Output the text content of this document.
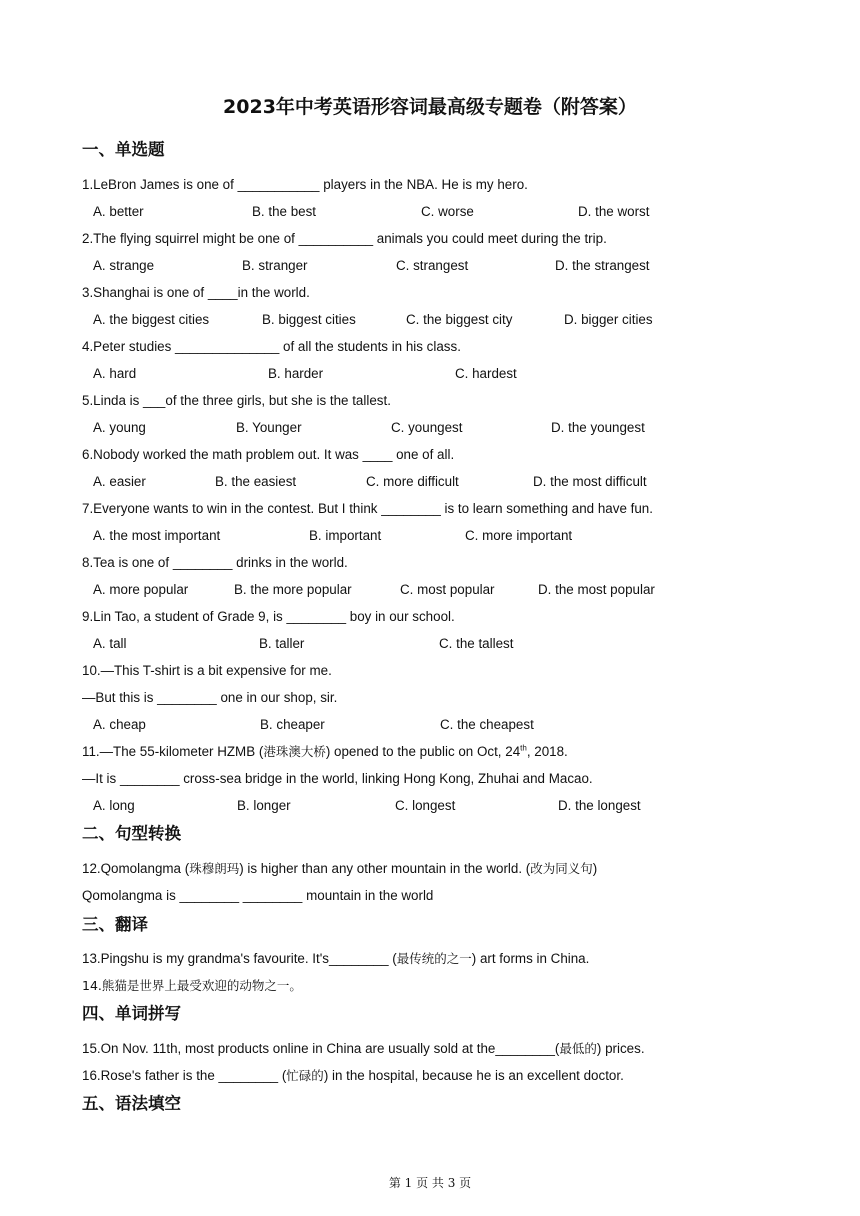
2023年中考英语形容词最高级专题卷（附答案）
一、单选题
1.LeBron James is one of ___________ players in the NBA. He is my hero.
A. better	B. the best	C. worse	D. the worst
2.The flying squirrel might be one of __________ animals you could meet during the trip.
A. strange	B. stranger	C. strangest	D. the strangest
3.Shanghai is one of ____in the world.
A. the biggest cities	B. biggest cities	C. the biggest city	D. bigger cities
4.Peter studies ______________ of all the students in his class.
A. hard	B. harder	C. hardest
5.Linda is ___of the three girls, but she is the tallest.
A. young	B. Younger	C. youngest	D. the youngest
6.Nobody worked the math problem out. It was ____ one of all.
A. easier	B. the easiest	C. more difficult	D. the most difficult
7.Everyone wants to win in the contest. But I think ________ is to learn something and have fun.
A. the most important	B. important	C. more important
8.Tea is one of ________ drinks in the world.
A. more popular	B. the more popular	C. most popular	D. the most popular
9.Lin Tao, a student of Grade 9, is ________ boy in our school.
A. tall	B. taller	C. the tallest
10.—This T-shirt is a bit expensive for me.
—But this is ________ one in our shop, sir.
A. cheap	B. cheaper	C. the cheapest
11.—The 55-kilometer HZMB (港珠澳大桥) opened to the public on Oct, 24th, 2018.
—It is ________ cross-sea bridge in the world, linking Hong Kong, Zhuhai and Macao.
A. long	B. longer	C. longest	D. the longest
二、句型转换
12.Qomolangma (珠穆朗玛) is higher than any other mountain in the world. (改为同义句)
Qomolangma is ________ ________ mountain in the world
三、翻译
13.Pingshu is my grandma's favourite. It's________ (最传统的之一) art forms in China.
14.熊猫是世界上最受欢迎的动物之一。
四、单词拼写
15.On Nov. 11th, most products online in China are usually sold at the________(最低的) prices.
16.Rose's father is the ________ (忙碌的) in the hospital, because he is an excellent doctor.
五、语法填空
第 1 页 共 3 页
